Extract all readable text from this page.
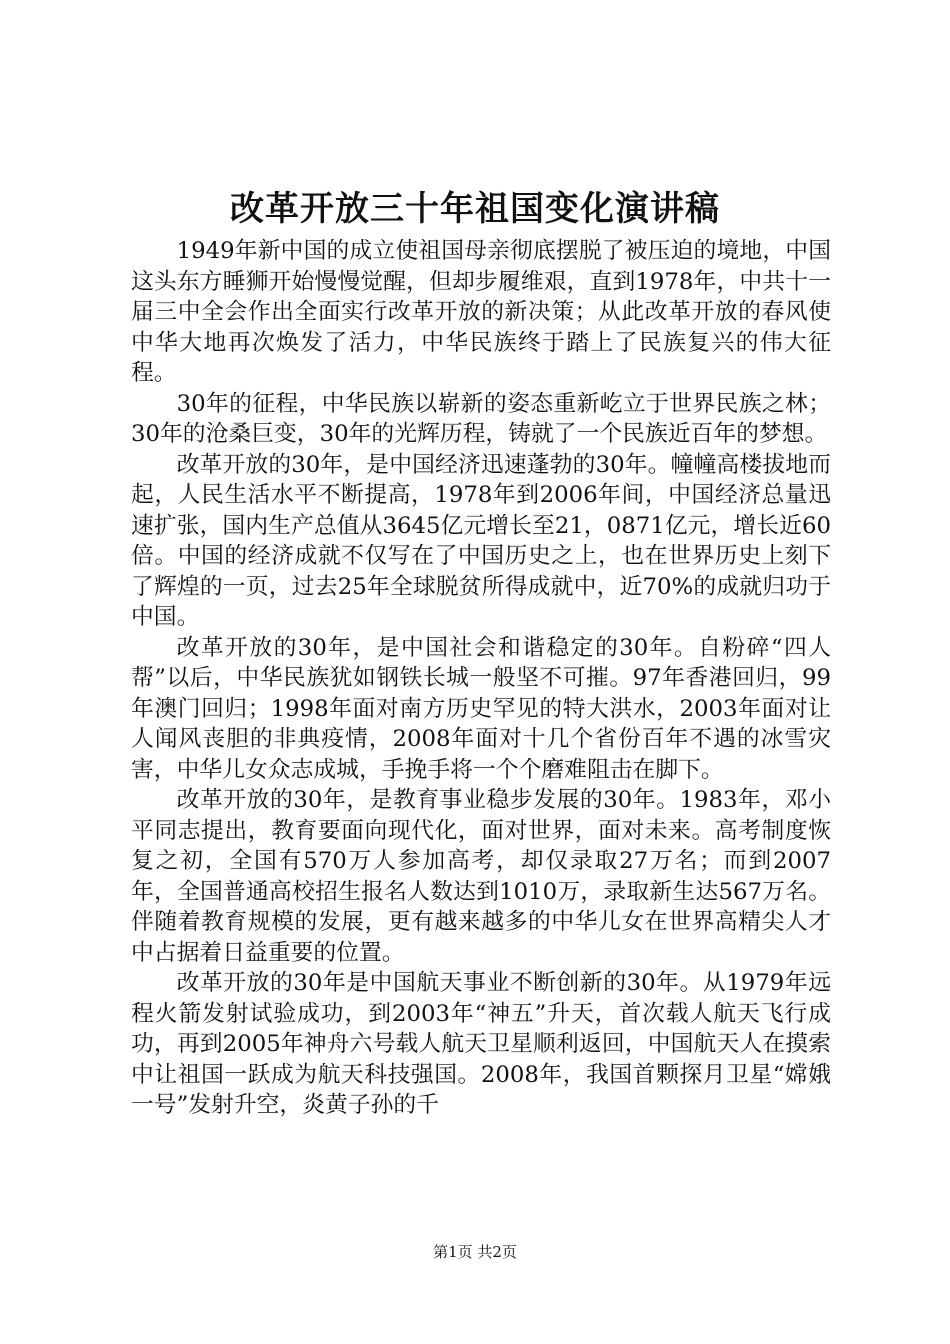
改革开放三十年祖国变化演讲稿

1949年新中国的成立使祖国母亲彻底摆脱了被压迫的境地，中国这头东方睡狮开始慢慢觉醒，但却步履维艰，直到1978年，中共十一届三中全会作出全面实行改革开放的新决策；从此改革开放的春风使中华大地再次焕发了活力，中华民族终于踏上了民族复兴的伟大征程。

30年的征程，中华民族以崭新的姿态重新屹立于世界民族之林；30年的沧桑巨变，30年的光辉历程，铸就了一个民族近百年的梦想。

改革开放的30年，是中国经济迅速蓬勃的30年。幢幢高楼拔地而起，人民生活水平不断提高，1978年到2006年间，中国经济总量迅速扩张，国内生产总值从3645亿元增长至21，0871亿元，增长近60倍。中国的经济成就不仅写在了中国历史之上，也在世界历史上刻下了辉煌的一页，过去25年全球脱贫所得成就中，近70%的成就归功于中国。

改革开放的30年，是中国社会和谐稳定的30年。自粉碎“四人帮”以后，中华民族犹如钢铁长城一般坚不可摧。97年香港回归，99年澳门回归；1998年面对南方历史罕见的特大洪水，2003年面对让人闻风丧胆的非典疫情，2008年面对十几个省份百年不遇的冰雪灾害，中华儿女众志成城，手挽手将一个个磨难阻击在脚下。

改革开放的30年，是教育事业稳步发展的30年。1983年，邓小平同志提出，教育要面向现代化，面对世界，面对未来。高考制度恢复之初，全国有570万人参加高考，却仅录取27万名；而到2007年，全国普通高校招生报名人数达到1010万，录取新生达567万名。伴随着教育规模的发展，更有越来越多的中华儿女在世界高精尖人才中占据着日益重要的位置。

改革开放的30年是中国航天事业不断创新的30年。从1979年远程火箭发射试验成功，到2003年“神五”升天，首次载人航天飞行成功，再到2005年神舟六号载人航天卫星顺利返回，中国航天人在摸索中让祖国一跃成为航天科技强国。2008年，我国首颗探月卫星“嫦娥一号”发射升空，炎黄子孙的千

第1页 共2页
